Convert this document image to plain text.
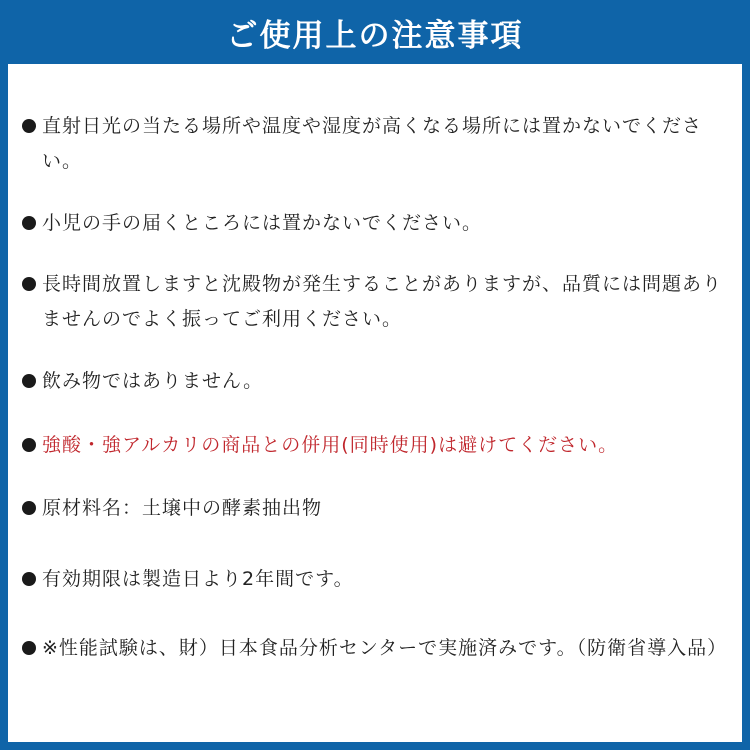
ご使用上の注意事項
直射日光の当たる場所や温度や湿度が高くなる場所には置かないでください。
小児の手の届くところには置かないでください。
長時間放置しますと沈殿物が発生することがありますが、品質には問題ありませんのでよく振ってご利用ください。
飲み物ではありません。
強酸・強アルカリの商品との併用(同時使用)は避けてください。
原材料名：土壌中の酵素抽出物
有効期限は製造日より2年間です。
※性能試験は、財）日本食品分析センターで実施済みです。（防衛省導入品）
